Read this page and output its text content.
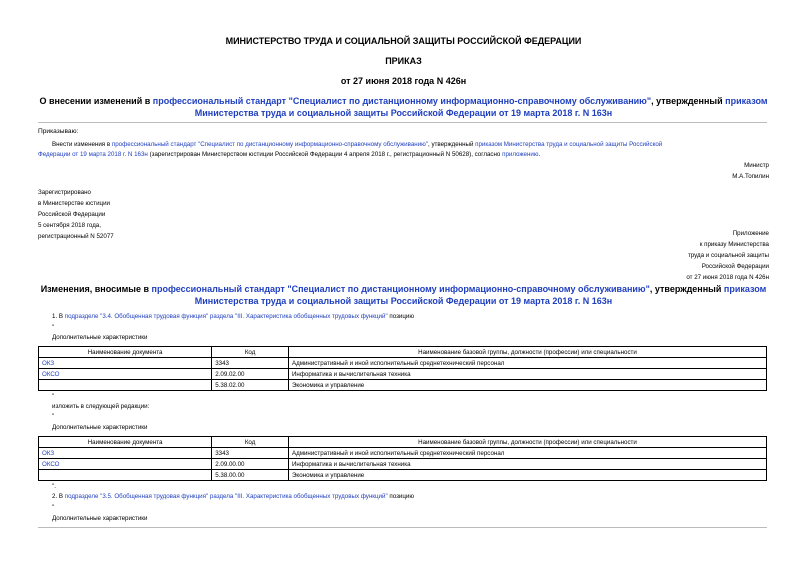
МИНИСТЕРСТВО ТРУДА И СОЦИАЛЬНОЙ ЗАЩИТЫ РОССИЙСКОЙ ФЕДЕРАЦИИ
ПРИКАЗ
от 27 июня 2018 года N 426н
О внесении изменений в профессиональный стандарт "Специалист по дистанционному информационно-справочному обслуживанию", утвержденный приказом
Министерства труда и социальной защиты Российской Федерации от 19 марта 2018 г. N 163н
Приказываю:
Внести изменения в профессиональный стандарт "Специалист по дистанционному информационно-справочному обслуживанию", утвержденный приказом Министерства труда и социальной защиты Российской
Федерации от 19 марта 2018 г. N 163н (зарегистрирован Министерством юстиции Российской Федерации 4 апреля 2018 г., регистрационный N 50628), согласно приложению.
Министр
М.А.Топилин
Зарегистрировано
в Министерстве юстиции
Российской Федерации
5 сентября 2018 года,
регистрационный N 52077	Приложение
к приказу Министерства
труда и социальной защиты
Российской Федерации
от 27 июня 2018 года N 426н
Изменения, вносимые в профессиональный стандарт "Специалист по дистанционному информационно-справочному обслуживанию", утвержденный приказом
Министерства труда и социальной защиты Российской Федерации от 19 марта 2018 г. N 163н
1. В подразделе "3.4. Обобщенная трудовая функция" раздела "III. Характеристика обобщенных трудовых функций" позицию
"
Дополнительные характеристики
Наименование документа	Код	Наименование базовой группы, должности (профессии) или специальности
ОКЗ	3343	Административный и иной исполнительный среднетехнический персонал
ОКСО	2.09.02.00	Информатика и вычислительная техника
	5.38.02.00	Экономика и управление
"
изложить в следующей редакции:
"
Дополнительные характеристики
Наименование документа	Код	Наименование базовой группы, должности (профессии) или специальности
ОКЗ	3343	Административный и иной исполнительный среднетехнический персонал
ОКСО	2.09.00.00	Информатика и вычислительная техника
	5.38.00.00	Экономика и управление
".
2. В подразделе "3.5. Обобщенная трудовая функция" раздела "III. Характеристика обобщенных трудовых функций" позицию
"
Дополнительные характеристики
